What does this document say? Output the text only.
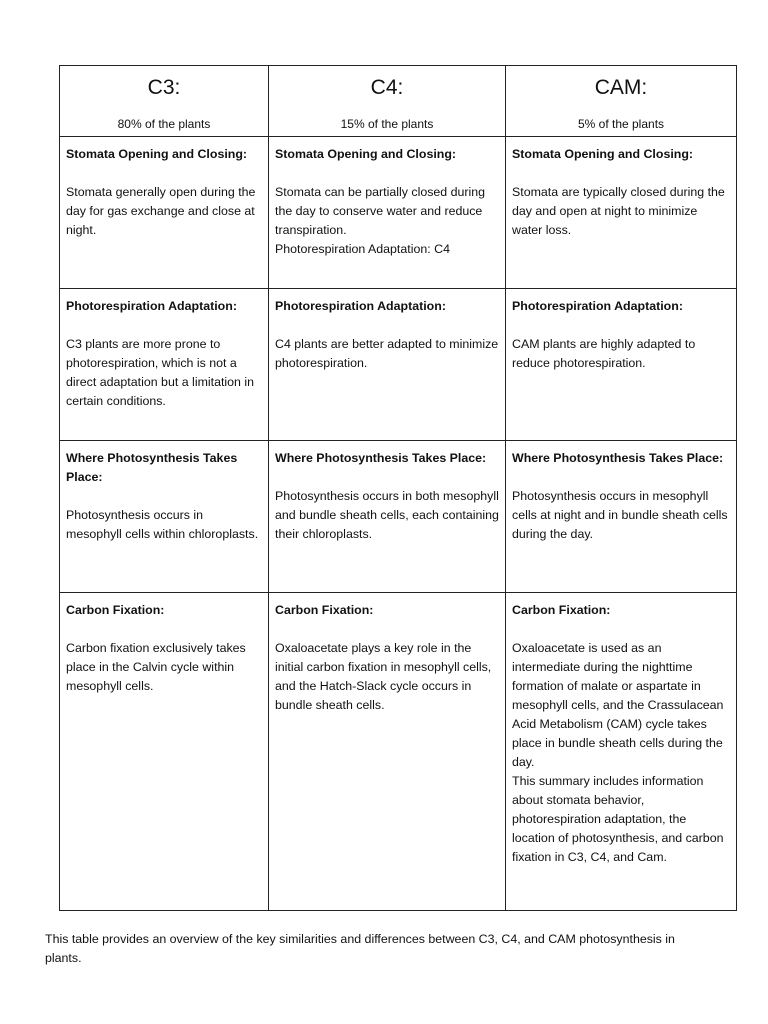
C3:
80% of the plants	C4:
15% of the plants	CAM:
5% of the plants

Stomata Opening and Closing:
Stomata generally open during the day for gas exchange and close at night.	Stomata Opening and Closing:
Stomata can be partially closed during the day to conserve water and reduce transpiration.
Photorespiration Adaptation: C4	Stomata Opening and Closing:
Stomata are typically closed during the day and open at night to minimize water loss.

Photorespiration Adaptation:
C3 plants are more prone to photorespiration, which is not a direct adaptation but a limitation in certain conditions.	Photorespiration Adaptation:
C4 plants are better adapted to minimize photorespiration.	Photorespiration Adaptation:
CAM plants are highly adapted to reduce photorespiration.

Where Photosynthesis Takes Place:
Photosynthesis occurs in mesophyll cells within chloroplasts.	Where Photosynthesis Takes Place:
Photosynthesis occurs in both mesophyll and bundle sheath cells, each containing their chloroplasts.	Where Photosynthesis Takes Place:
Photosynthesis occurs in mesophyll cells at night and in bundle sheath cells during the day.

Carbon Fixation:
Carbon fixation exclusively takes place in the Calvin cycle within mesophyll cells.	Carbon Fixation:
Oxaloacetate plays a key role in the initial carbon fixation in mesophyll cells, and the Hatch-Slack cycle occurs in bundle sheath cells.	Carbon Fixation:
Oxaloacetate is used as an intermediate during the nighttime formation of malate or aspartate in mesophyll cells, and the Crassulacean Acid Metabolism (CAM) cycle takes place in bundle sheath cells during the day.
This summary includes information about stomata behavior, photorespiration adaptation, the location of photosynthesis, and carbon fixation in C3, C4, and Cam.
This table provides an overview of the key similarities and differences between C3, C4, and CAM photosynthesis in plants.
